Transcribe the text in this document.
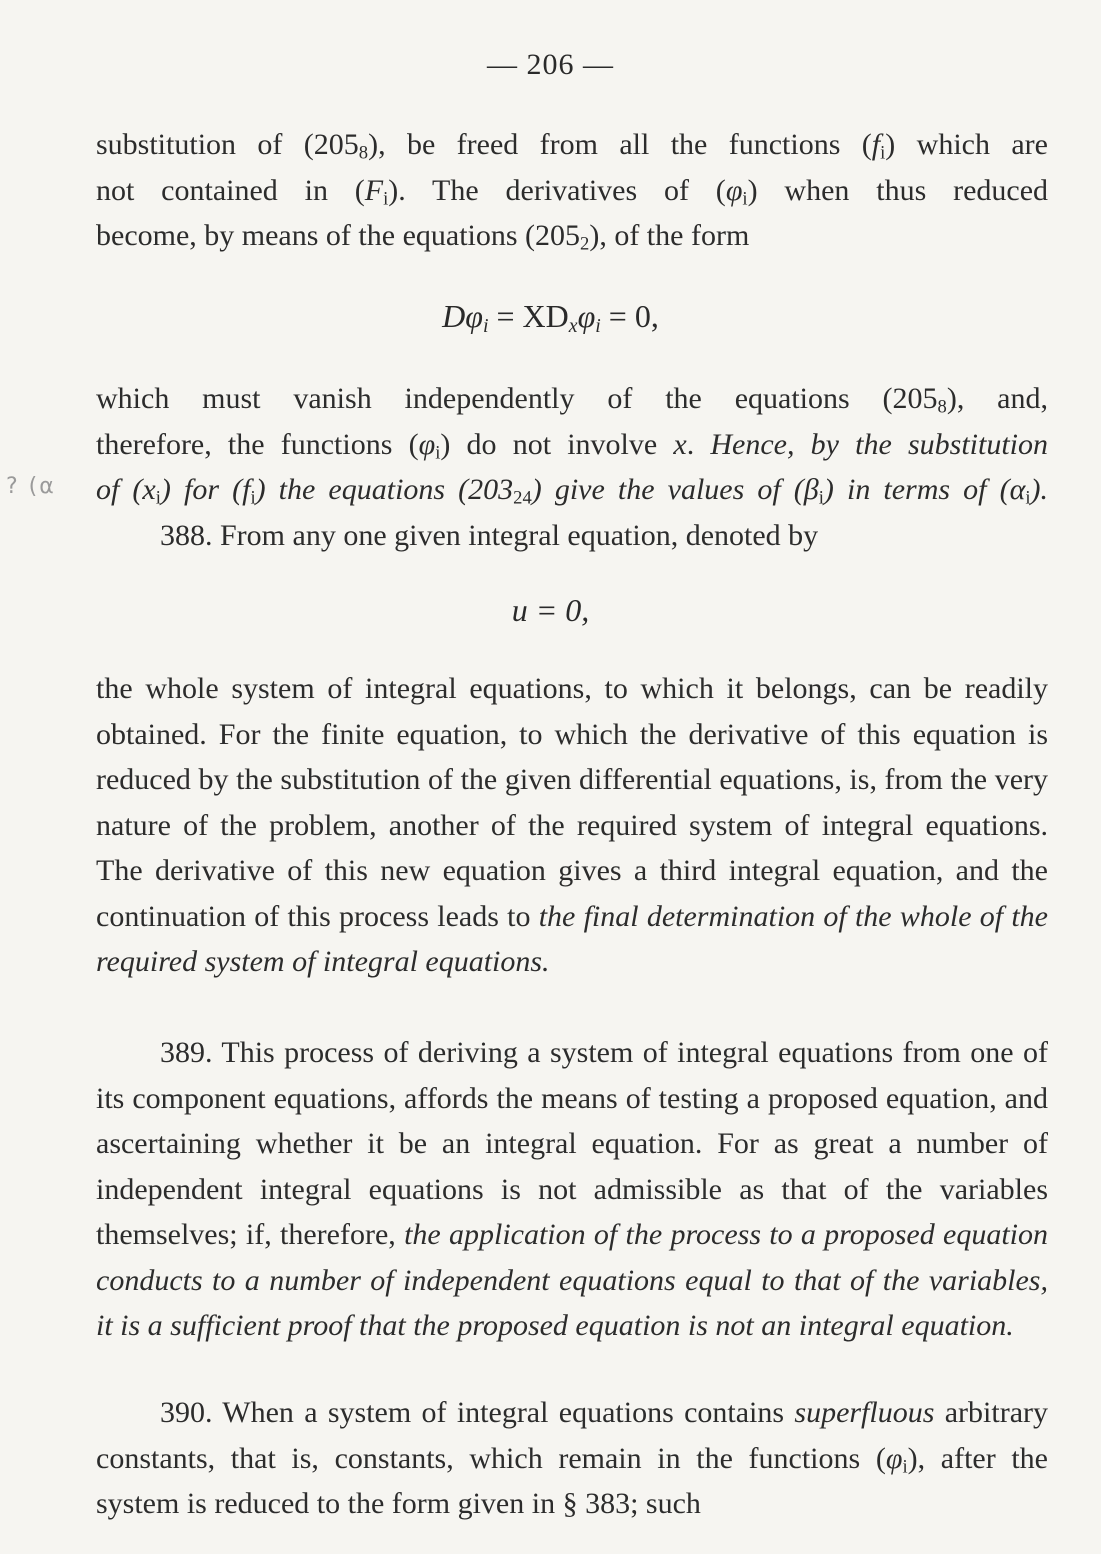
— 206 —
? (α

substitution of $(205_8)$, be freed from all the functions $(f_i)$ which are

not contained in $(F_i)$. The derivatives of $(\varphi_i)$ when thus reduced

become, by means of the equations $(205_2)$, of the form

$D\varphi_i = XD_x\varphi_i = 0$,

which must vanish independently of the equations $(205_8)$, and,

therefore, the functions $(\varphi_i)$ do not involve x. Hence, by the substitution

of $(x_i)$ for $(f_i)$ the equations $(203_{24})$ give the values of $(\beta_i)$ in terms of $(\alpha_i)$.

388. From any one given integral equation, denoted by

u = 0,

the whole system of integral equations, to which it belongs, can be readily obtained. For the finite equation, to which the derivative of this equation is reduced by the substitution of the given differential equations, is, from the very nature of the problem, another of the required system of integral equations. The derivative of this new equation gives a third integral equation, and the continuation of this process leads to the final determination of the whole of the required system of integral equations.

389. This process of deriving a system of integral equations from one of its component equations, affords the means of testing a proposed equation, and ascertaining whether it be an integral equation. For as great a number of independent integral equations is not admissible as that of the variables themselves; if, therefore, the application of the process to a proposed equation conducts to a number of independent equations equal to that of the variables, it is a sufficient proof that the proposed equation is not an integral equation.

390. When a system of integral equations contains superfluous arbitrary constants, that is, constants, which remain in the functions $(\varphi_i)$, after the system is reduced to the form given in § 383; such
